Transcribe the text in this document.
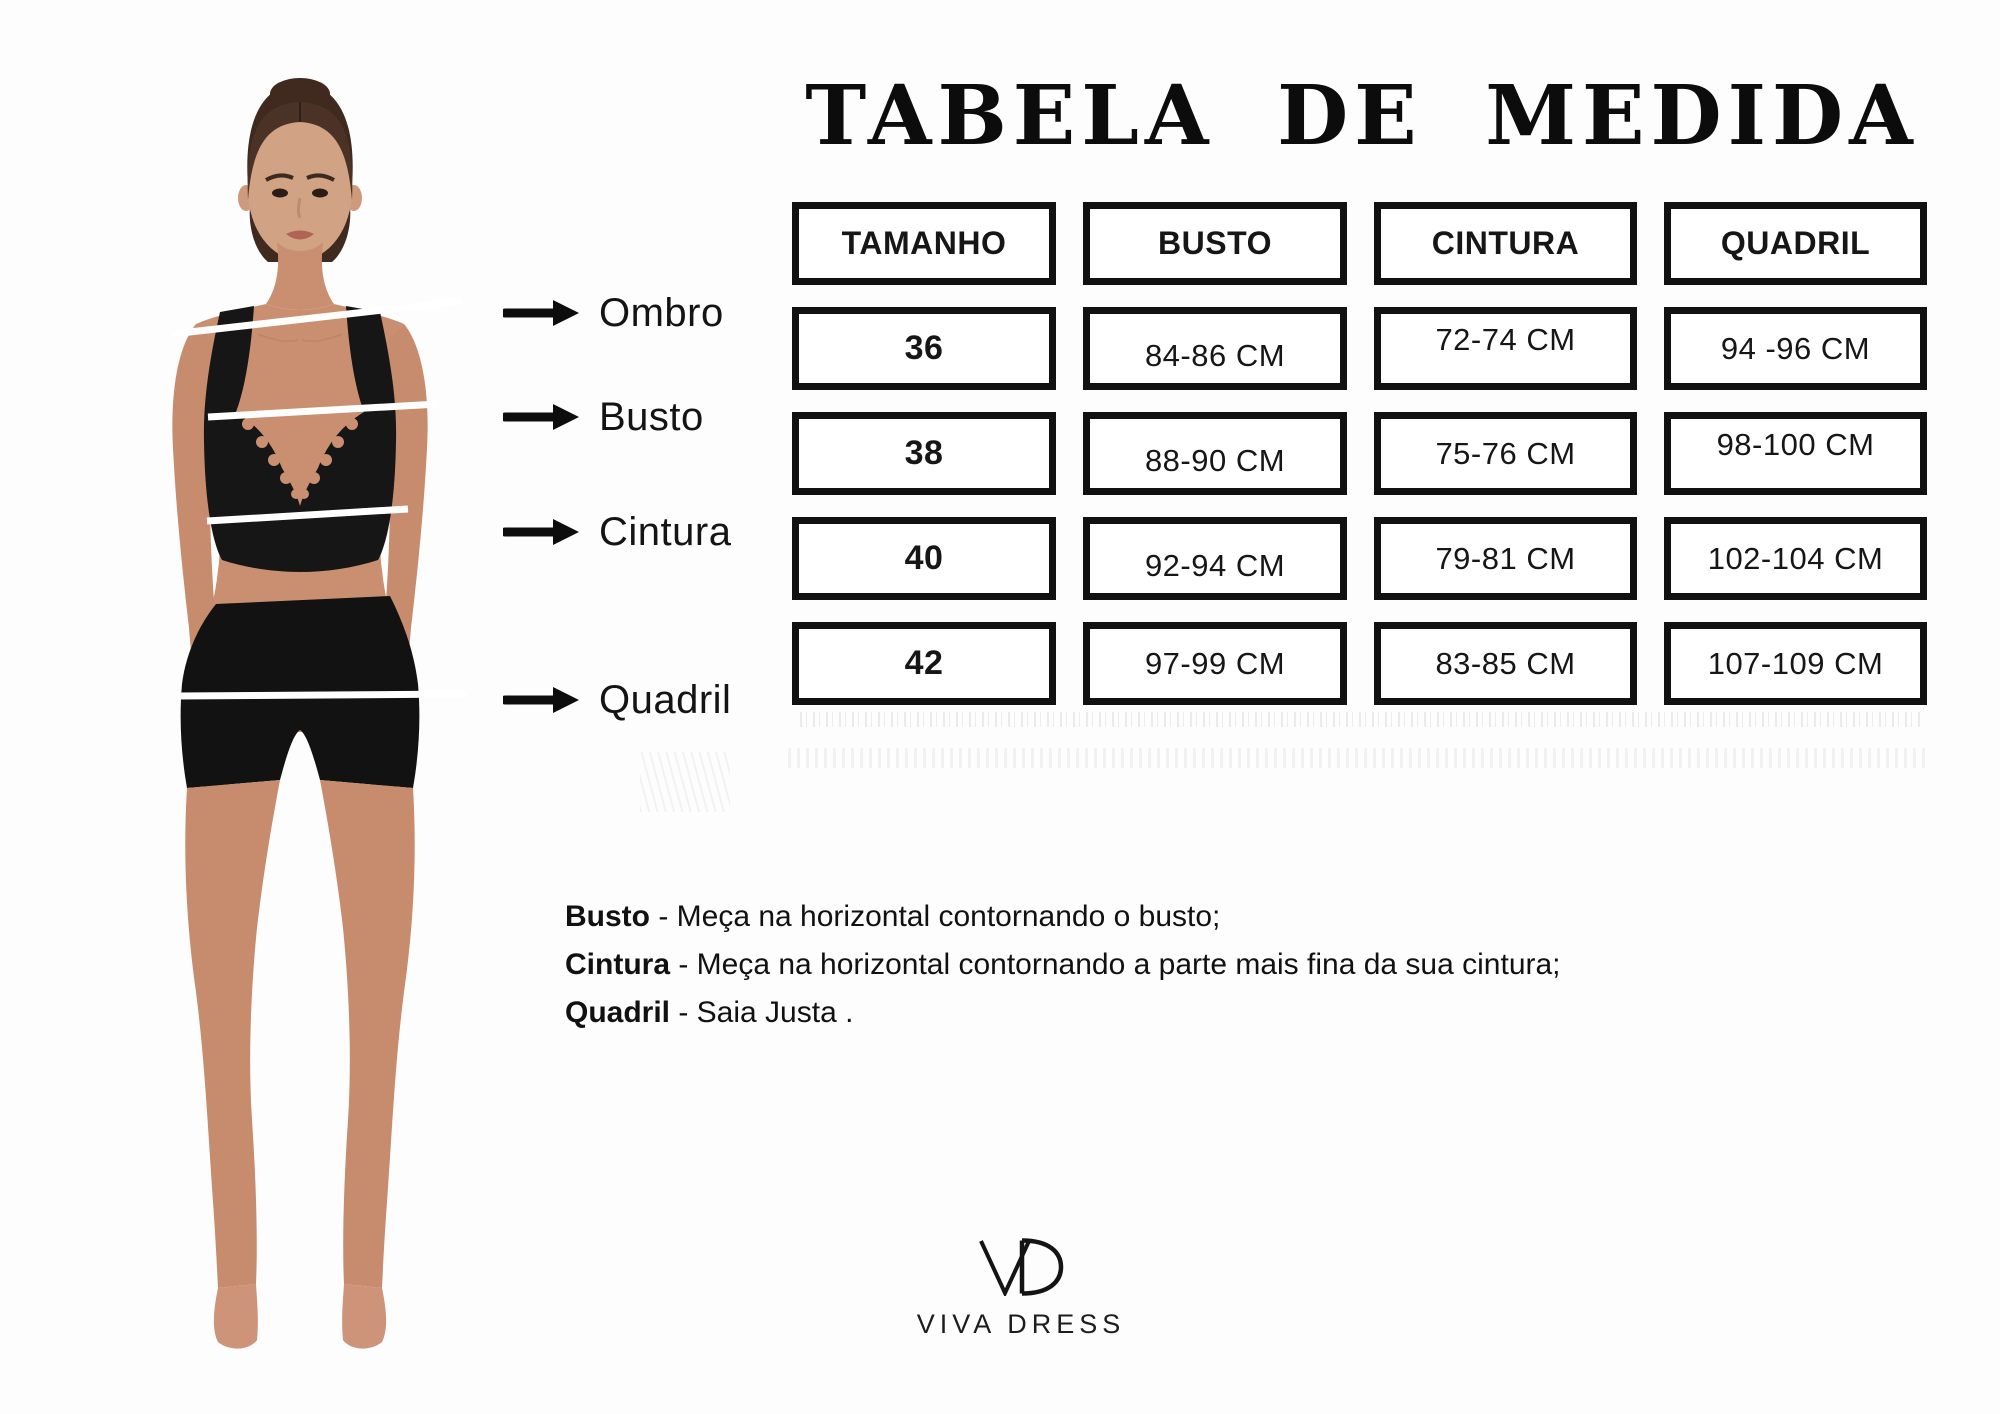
TABELA DE MEDIDA
Ombro
Busto
Cintura
Quadril
TAMANHO	BUSTO	CINTURA	QUADRIL
36	84-86 CM	72-74 CM	94 -96 CM
38	88-90 CM	75-76 CM	98-100 CM
40	92-94 CM	79-81 CM	102-104 CM
42	97-99 CM	83-85 CM	107-109 CM
Busto - Meça na horizontal contornando o busto;
Cintura - Meça na horizontal contornando a parte mais fina da sua cintura;
Quadril - Saia Justa .
VIVA DRESS
